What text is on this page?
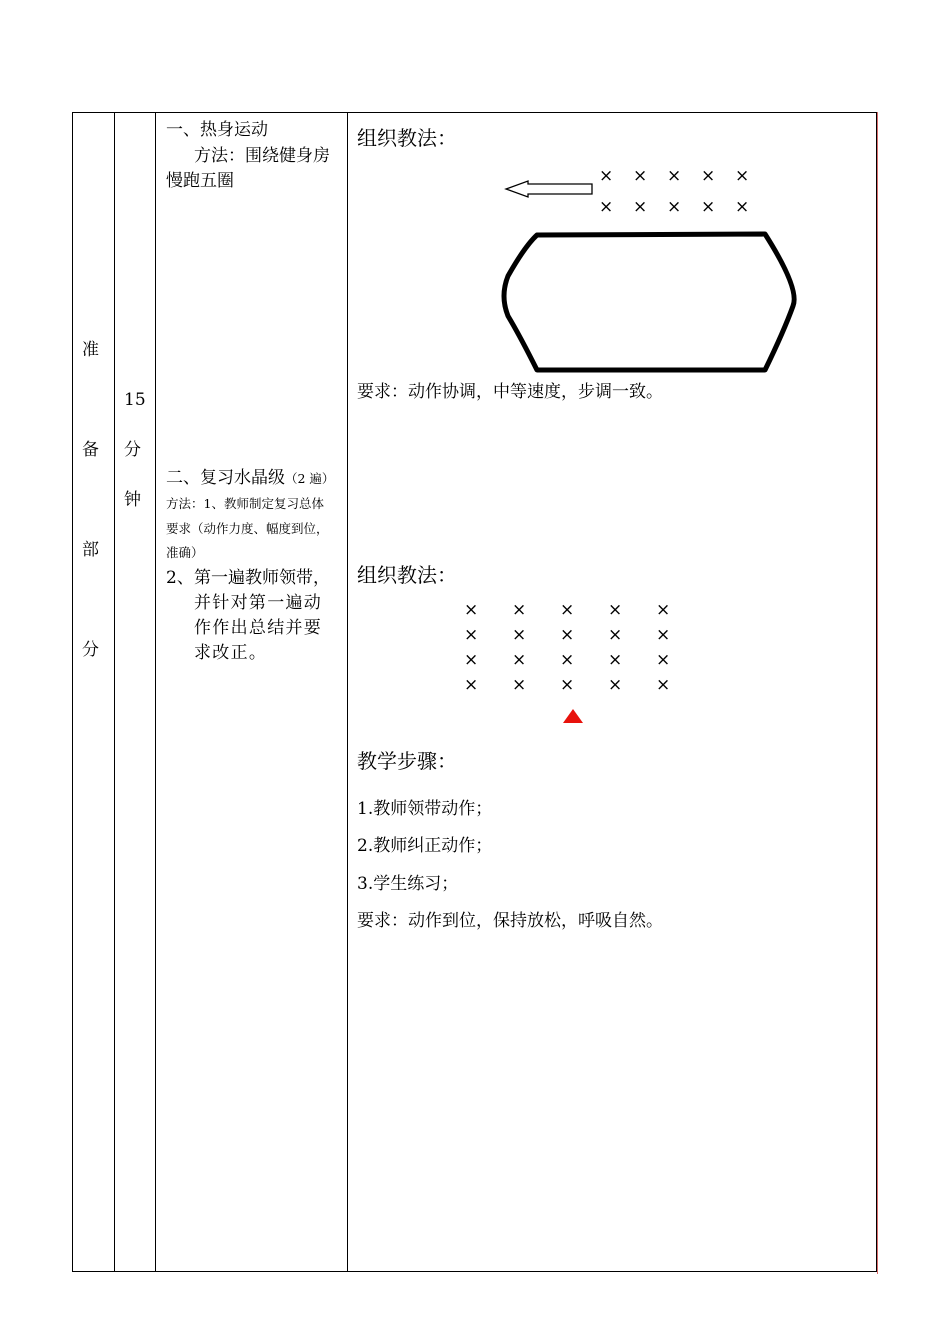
准
备
部
分
15
分
钟
一、热身运动
方法：围绕健身房
慢跑五圈
二、复习水晶级（2 遍）
方法：1、教师制定复习总体
要求（动作力度、幅度到位，
准确）
2、 第一遍教师领带，
并针对第一遍动
作作出总结并要
求改正。
组织教法：
× × × × ×
× × × × ×
要求：动作协调，中等速度，步调一致。
组织教法：
× × × × ×
× × × × ×
× × × × ×
× × × × ×
教学步骤：
1.教师领带动作；
2.教师纠正动作；
3.学生练习；
要求：动作到位，保持放松，呼吸自然。
